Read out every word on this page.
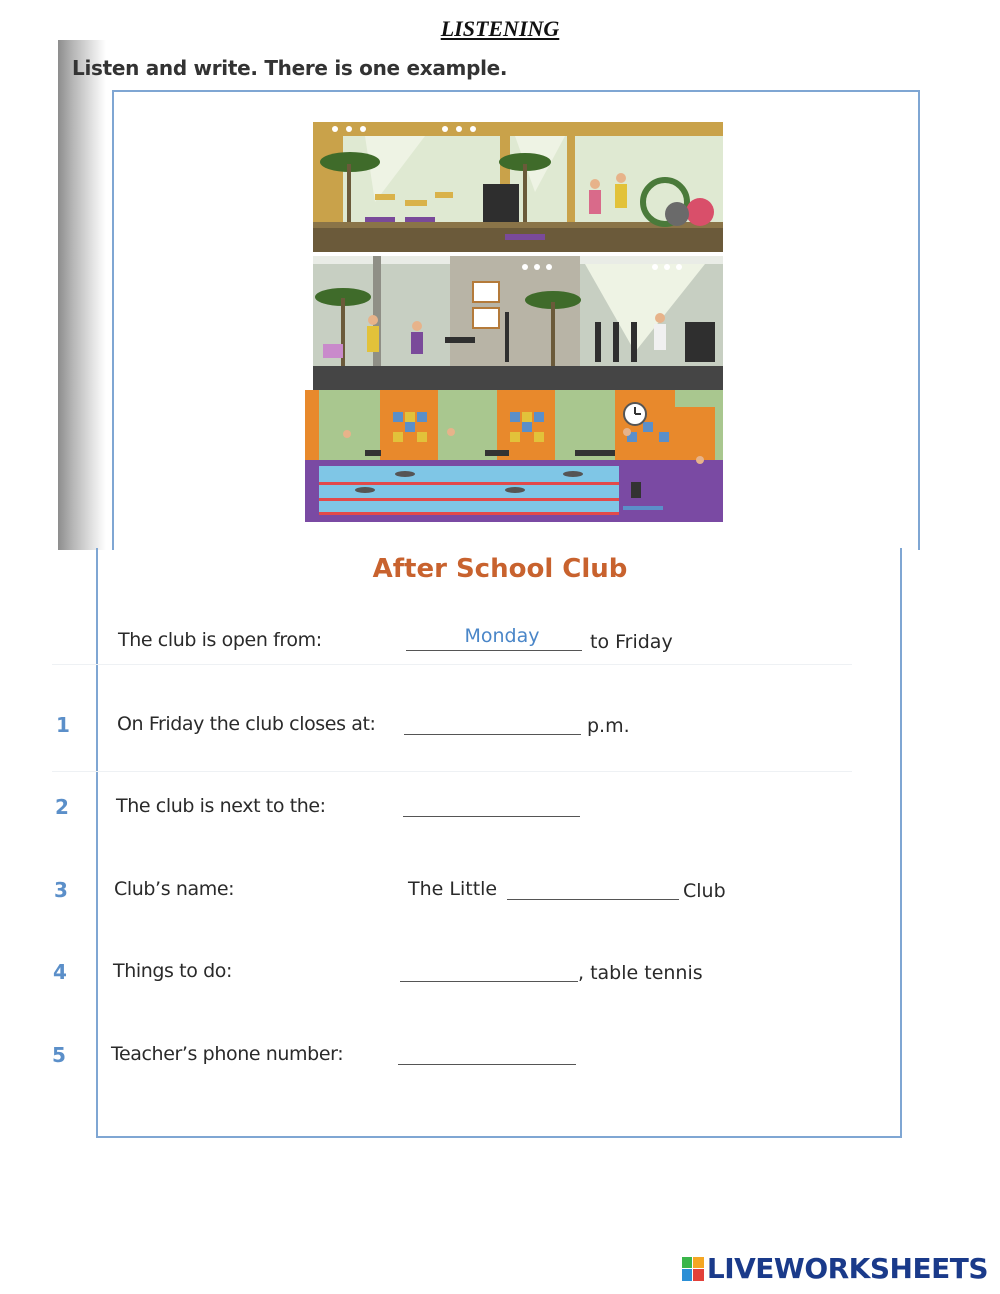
LISTENING
Listen and write. There is one example.
After School Club
The club is open from:	Monday	to Friday
1	On Friday the club closes at:	p.m.
2	The club is next to the:
3	Club’s name:	The Little	Club
4	Things to do:	, table tennis
5	Teacher’s phone number:
LIVEWORKSHEETS
